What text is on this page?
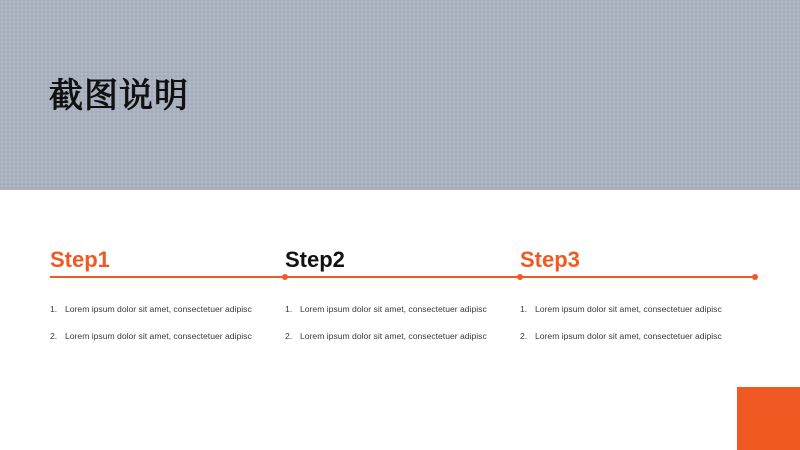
截图说明
Step1	Step2	Step3
1. Lorem ipsum dolor sit amet, consectetuer adipisc
2. Lorem ipsum dolor sit amet, consectetuer adipisc
1. Lorem ipsum dolor sit amet, consectetuer adipisc
2. Lorem ipsum dolor sit amet, consectetuer adipisc
1. Lorem ipsum dolor sit amet, consectetuer adipisc
2. Lorem ipsum dolor sit amet, consectetuer adipisc
